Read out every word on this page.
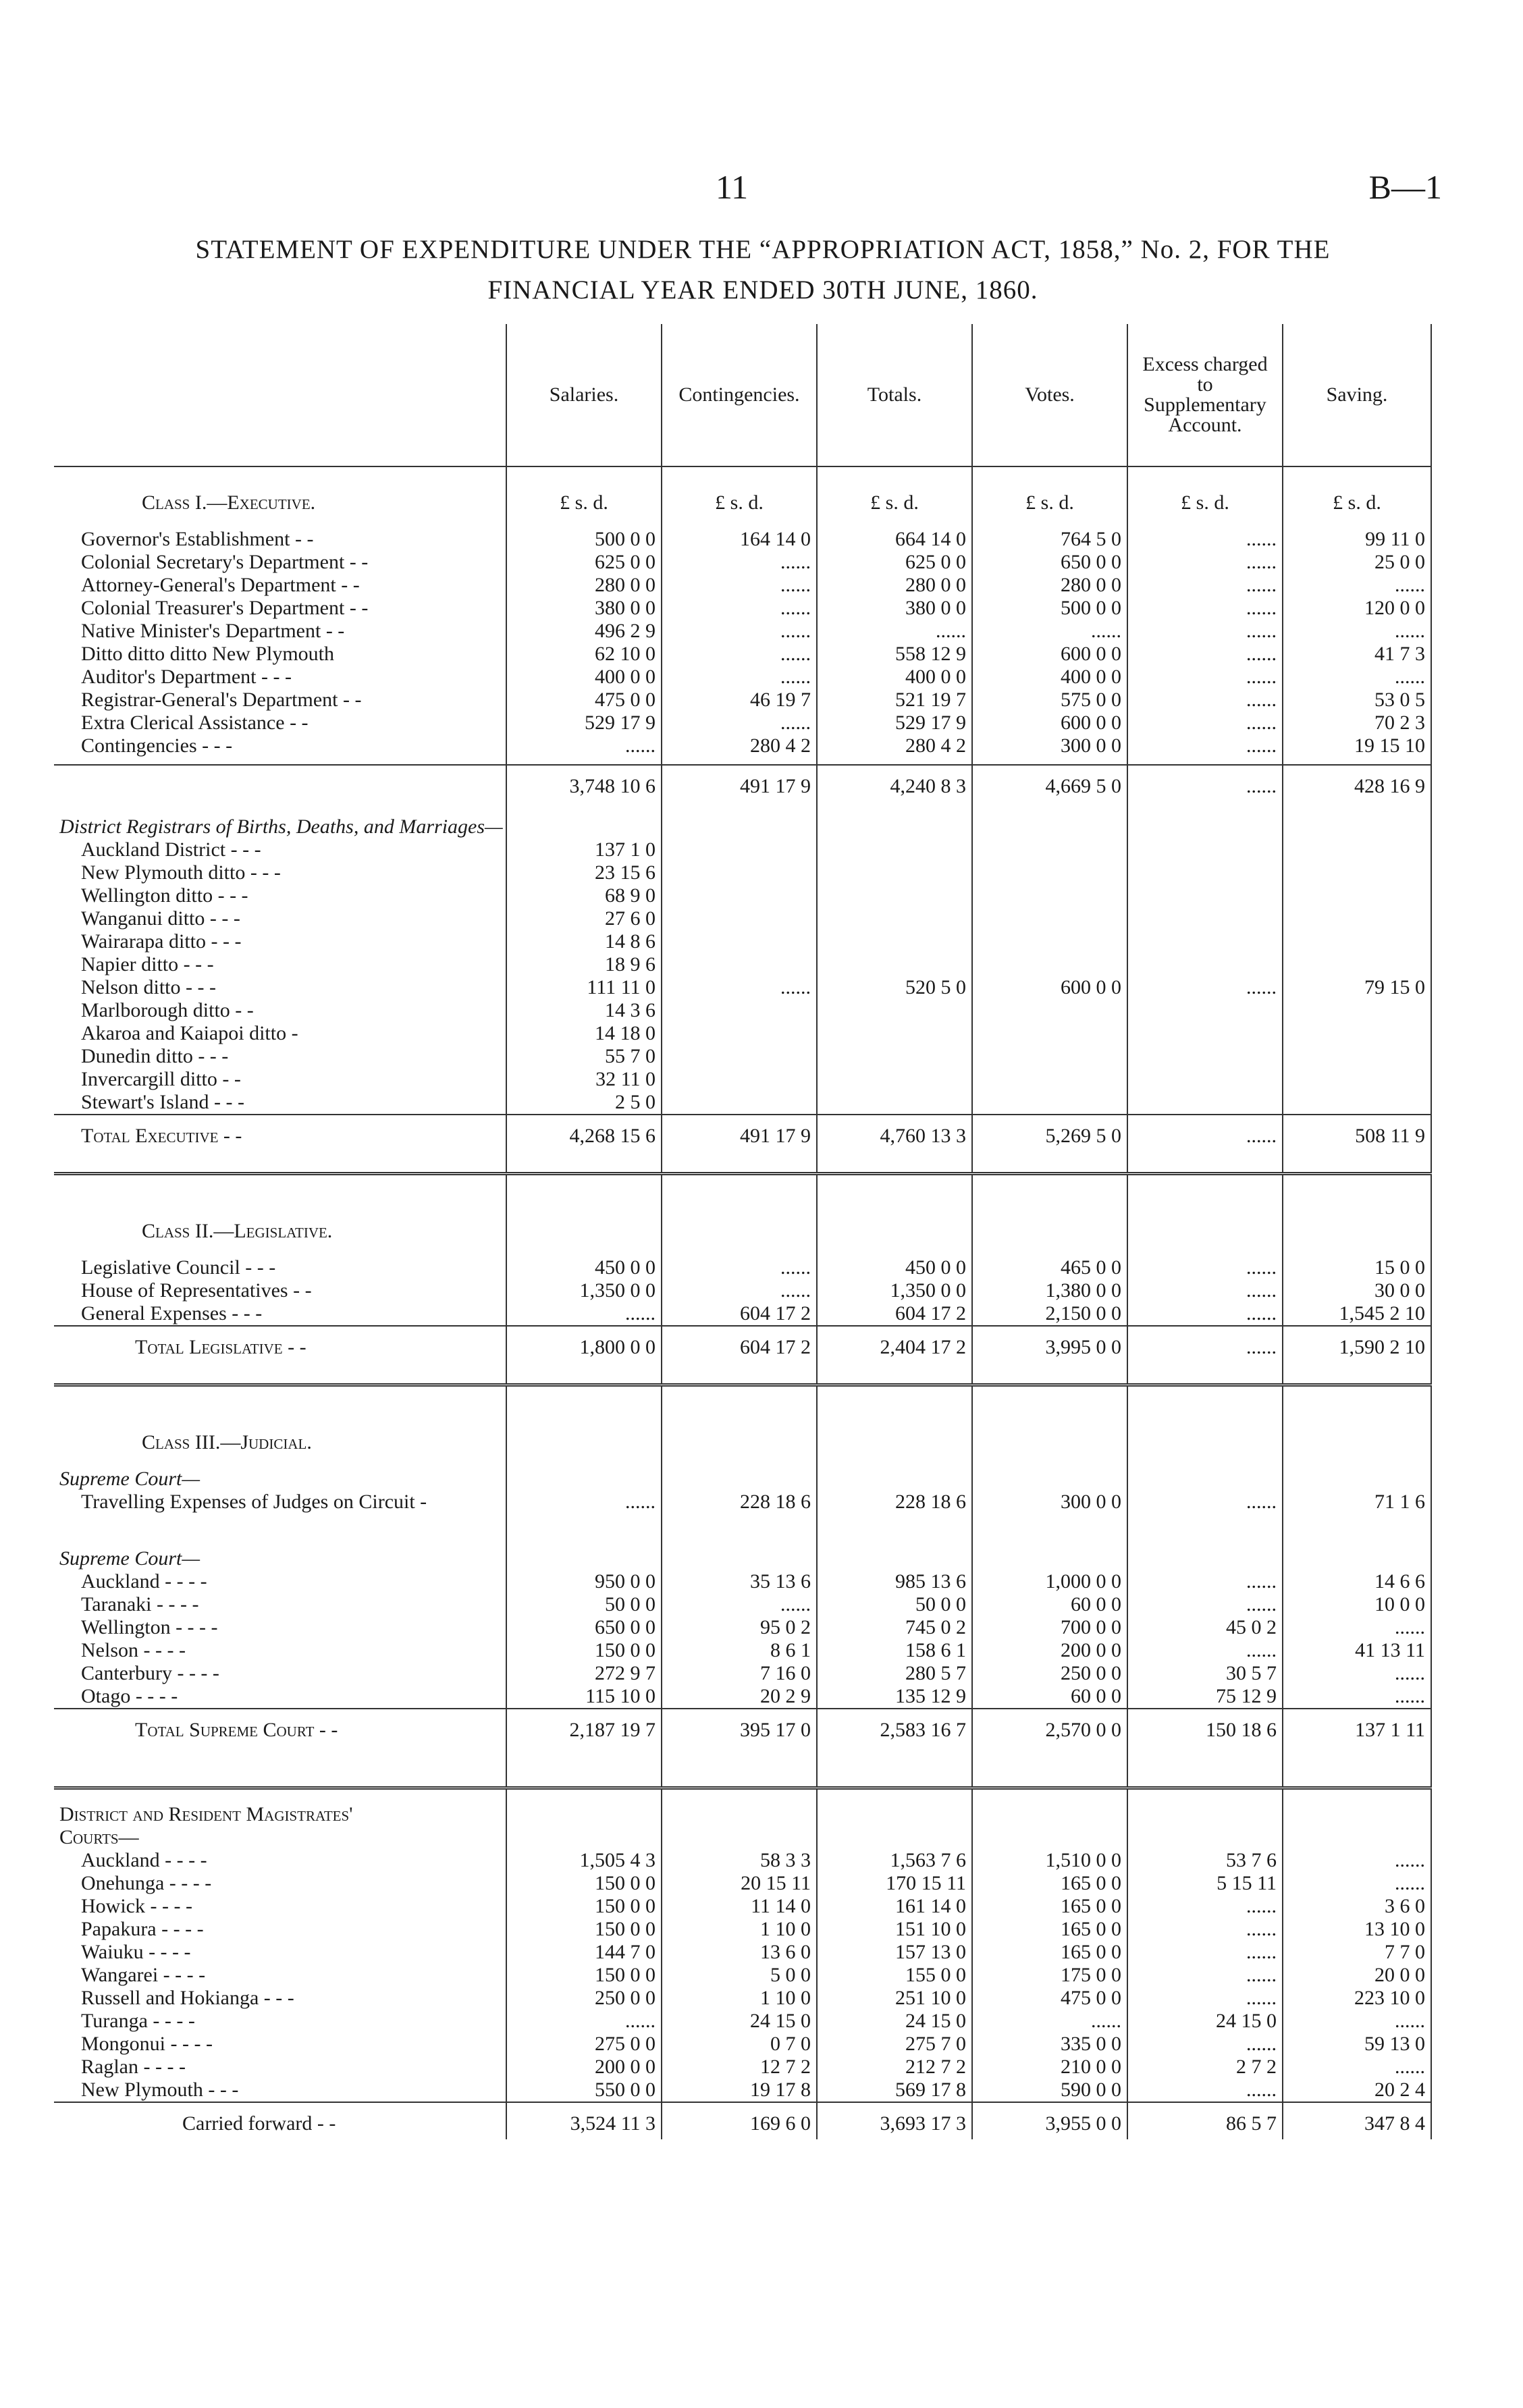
11	B—1
STATEMENT OF EXPENDITURE UNDER THE “APPROPRIATION ACT, 1858,” No. 2, FOR THE
FINANCIAL YEAR ENDED 30TH JUNE, 1860.
	Salaries.	Contingencies.	Totals.	Votes.	Excess charged to Supplementary Account.	Saving.
Class I.—Executive.	£ s. d.	£ s. d.	£ s. d.	£ s. d.	£ s. d.	£ s. d.

Governor's Establishment - -	500 0 0	164 14 0	664 14 0	764 5 0	......	99 11 0
Colonial Secretary's Department - -	625 0 0	......	625 0 0	650 0 0	......	25 0 0
Attorney-General's Department - -	280 0 0	......	280 0 0	280 0 0	......	......
Colonial Treasurer's Department - -	380 0 0	......	380 0 0	500 0 0	......	120 0 0
Native Minister's Department - -	496 2 9	......	......	......	......	......
Ditto ditto ditto New Plymouth	62 10 0	......	558 12 9	600 0 0	......	41 7 3
Auditor's Department - - -	400 0 0	......	400 0 0	400 0 0	......	......
Registrar-General's Department - -	475 0 0	46 19 7	521 19 7	575 0 0	......	53 0 5
Extra Clerical Assistance - -	529 17 9	......	529 17 9	600 0 0	......	70 2 3
Contingencies - - -	......	280 4 2	280 4 2	300 0 0	......	19 15 10

	3,748 10 6	491 17 9	4,240 8 3	4,669 5 0	......	428 16 9

District Registrars of Births, Deaths, and Marriages—						
Auckland District - - -	137 1 0					
New Plymouth ditto - - -	23 15 6					
Wellington ditto - - -	68 9 0					
Wanganui ditto - - -	27 6 0					
Wairarapa ditto - - -	14 8 6					
Napier ditto - - -	18 9 6					
Nelson ditto - - -	111 11 0	......	520 5 0	600 0 0	......	79 15 0
Marlborough ditto - -	14 3 6					
Akaroa and Kaiapoi ditto -	14 18 0					
Dunedin ditto - - -	55 7 0					
Invercargill ditto - -	32 11 0					
Stewart's Island - - -	2 5 0					
Total Executive - -	4,268 15 6	491 17 9	4,760 13 3	5,269 5 0	......	508 11 9

Class II.—Legislative.						

Legislative Council - - -	450 0 0	......	450 0 0	465 0 0	......	15 0 0
House of Representatives - -	1,350 0 0	......	1,350 0 0	1,380 0 0	......	30 0 0
General Expenses - - -	......	604 17 2	604 17 2	2,150 0 0	......	1,545 2 10
Total Legislative - -	1,800 0 0	604 17 2	2,404 17 2	3,995 0 0	......	1,590 2 10

Class III.—Judicial.						

Supreme Court—						
Travelling Expenses of Judges on Circuit -	......	228 18 6	228 18 6	300 0 0	......	71 1 6

Supreme Court—						
Auckland - - - -	950 0 0	35 13 6	985 13 6	1,000 0 0	......	14 6 6
Taranaki - - - -	50 0 0	......	50 0 0	60 0 0	......	10 0 0
Wellington - - - -	650 0 0	95 0 2	745 0 2	700 0 0	45 0 2	......
Nelson - - - -	150 0 0	8 6 1	158 6 1	200 0 0	......	41 13 11
Canterbury - - - -	272 9 7	7 16 0	280 5 7	250 0 0	30 5 7	......
Otago - - - -	115 10 0	20 2 9	135 12 9	60 0 0	75 12 9	......
Total Supreme Court - -	2,187 19 7	395 17 0	2,583 16 7	2,570 0 0	150 18 6	137 1 11

District and Resident Magistrates'						
Courts—						
Auckland - - - -	1,505 4 3	58 3 3	1,563 7 6	1,510 0 0	53 7 6	......
Onehunga - - - -	150 0 0	20 15 11	170 15 11	165 0 0	5 15 11	......
Howick - - - -	150 0 0	11 14 0	161 14 0	165 0 0	......	3 6 0
Papakura - - - -	150 0 0	1 10 0	151 10 0	165 0 0	......	13 10 0
Waiuku - - - -	144 7 0	13 6 0	157 13 0	165 0 0	......	7 7 0
Wangarei - - - -	150 0 0	5 0 0	155 0 0	175 0 0	......	20 0 0
Russell and Hokianga - - -	250 0 0	1 10 0	251 10 0	475 0 0	......	223 10 0
Turanga - - - -	......	24 15 0	24 15 0	......	24 15 0	......
Mongonui - - - -	275 0 0	0 7 0	275 7 0	335 0 0	......	59 13 0
Raglan - - - -	200 0 0	12 7 2	212 7 2	210 0 0	2 7 2	......
New Plymouth - - -	550 0 0	19 17 8	569 17 8	590 0 0	......	20 2 4
Carried forward - -	3,524 11 3	169 6 0	3,693 17 3	3,955 0 0	86 5 7	347 8 4
